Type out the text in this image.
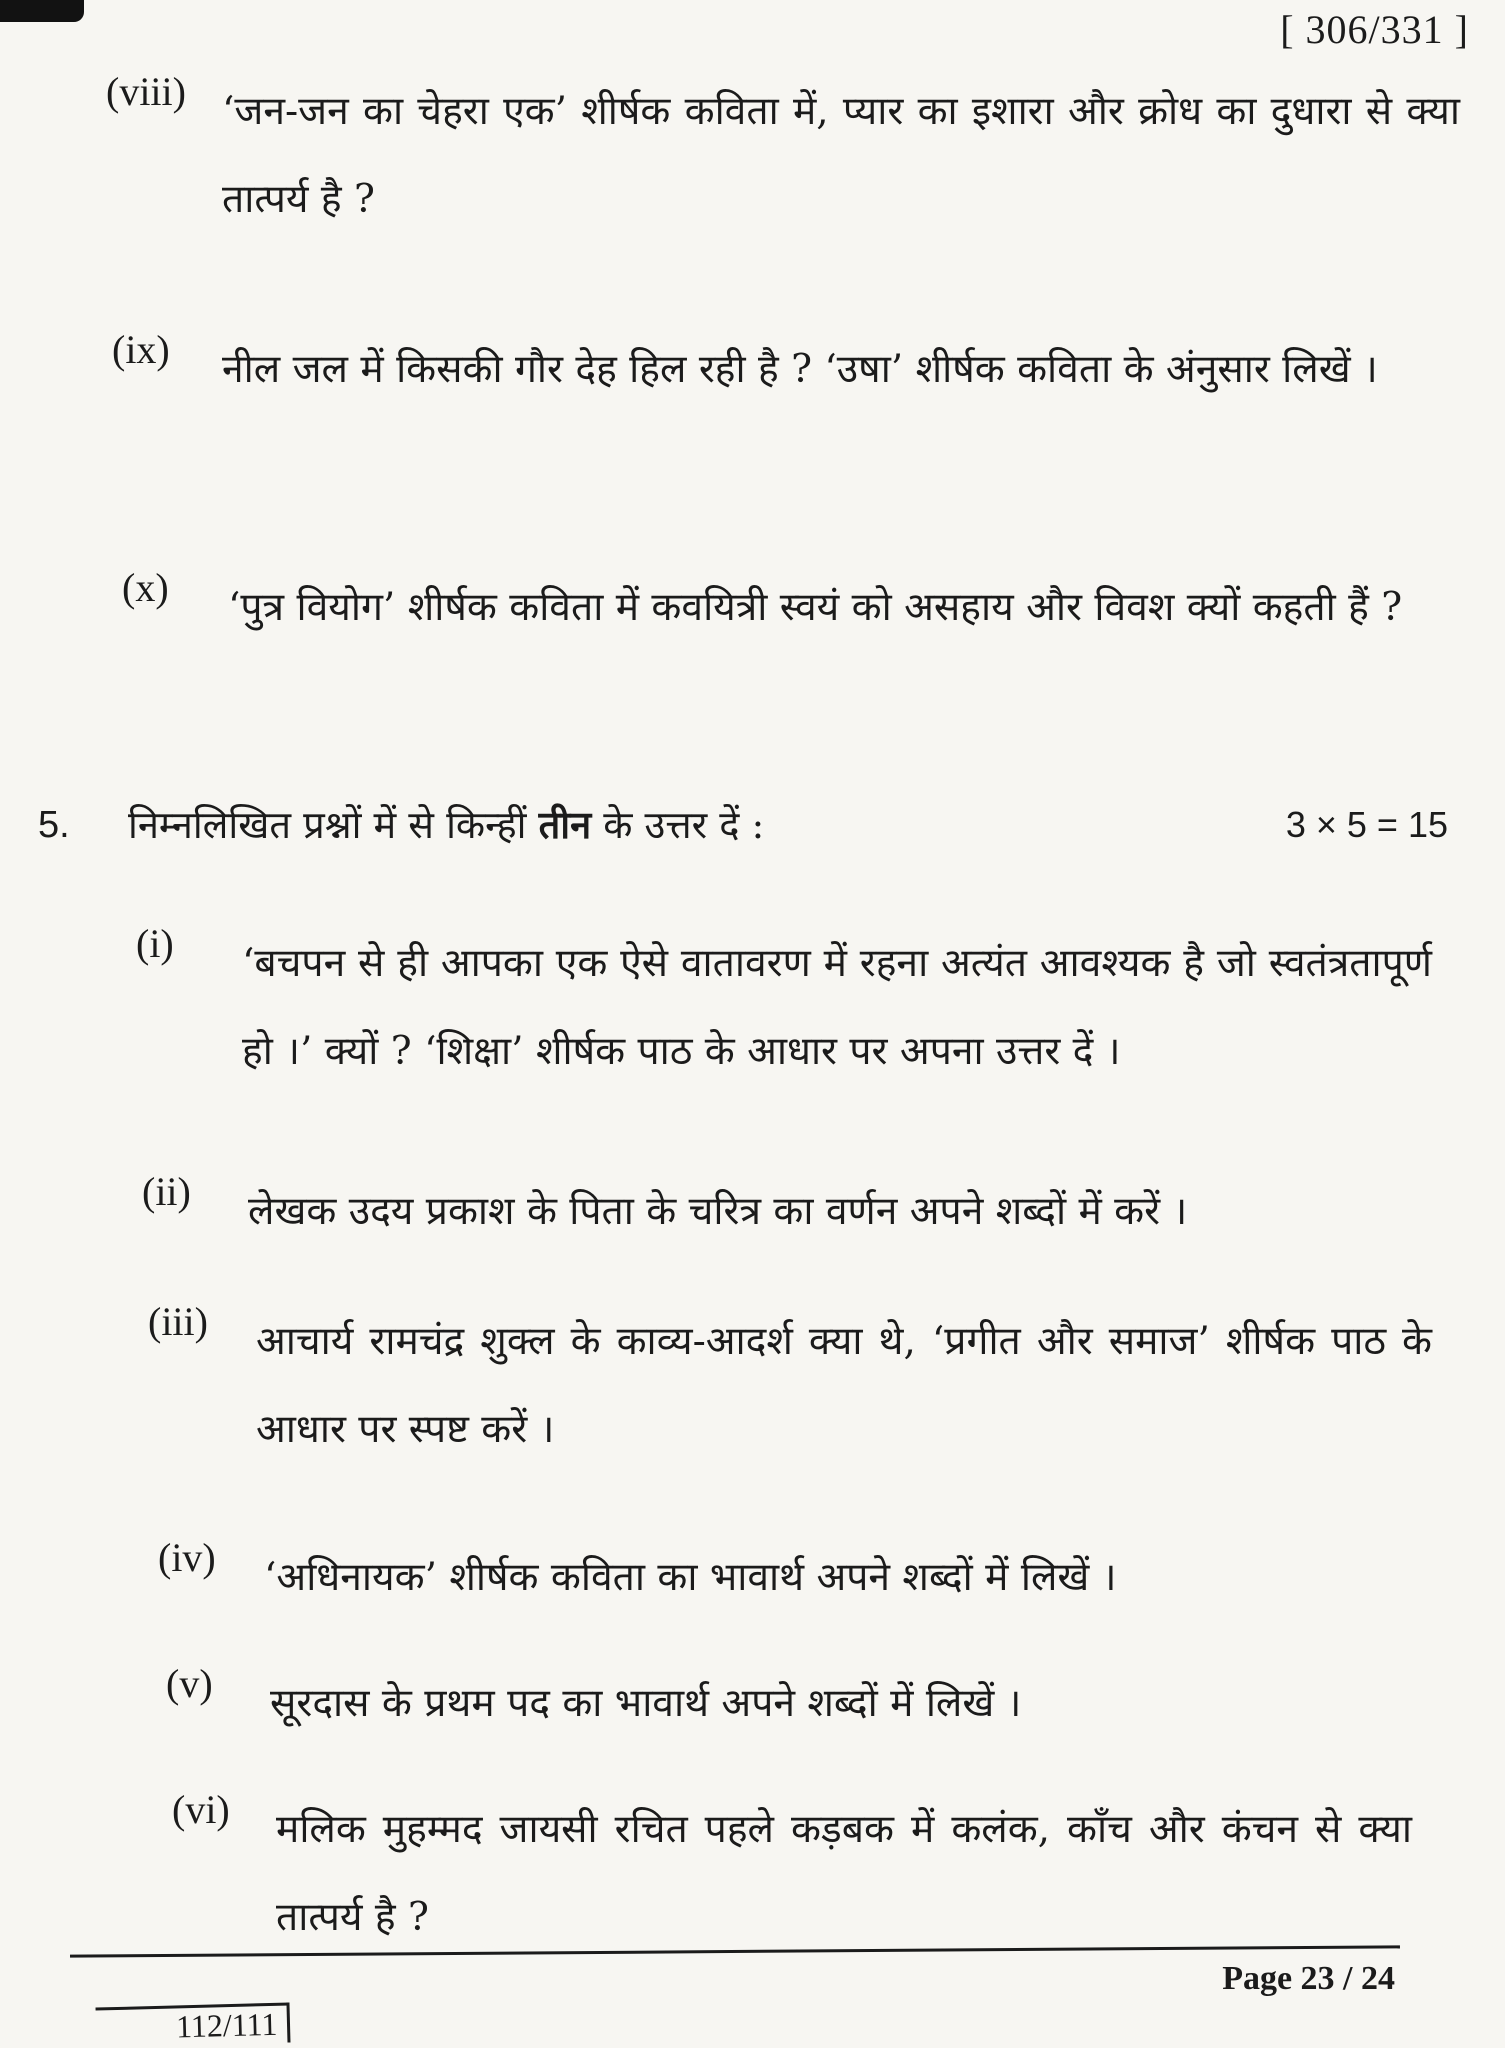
[ 306/331 ]
(viii) ‘जन-जन का चेहरा एक’ शीर्षक कविता में, प्यार का इशारा और क्रोध का दुधारा से क्या तात्पर्य है ?
(ix) नील जल में किसकी गौर देह हिल रही है ? ‘उषा’ शीर्षक कविता के अंनुसार लिखें ।
(x) ‘पुत्र वियोग’ शीर्षक कविता में कवयित्री स्वयं को असहाय और विवश क्यों कहती हैं ?
5. निम्नलिखित प्रश्नों में से किन्हीं तीन के उत्तर दें :	3 × 5 = 15
(i) ‘बचपन से ही आपका एक ऐसे वातावरण में रहना अत्यंत आवश्यक है जो स्वतंत्रतापूर्ण हो ।’ क्यों ? ‘शिक्षा’ शीर्षक पाठ के आधार पर अपना उत्तर दें ।
(ii) लेखक उदय प्रकाश के पिता के चरित्र का वर्णन अपने शब्दों में करें ।
(iii) आचार्य रामचंद्र शुक्ल के काव्य-आदर्श क्या थे, ‘प्रगीत और समाज’ शीर्षक पाठ के आधार पर स्पष्ट करें ।
(iv) ‘अधिनायक’ शीर्षक कविता का भावार्थ अपने शब्दों में लिखें ।
(v) सूरदास के प्रथम पद का भावार्थ अपने शब्दों में लिखें ।
(vi) मलिक मुहम्मद जायसी रचित पहले कड़बक में कलंक, काँच और कंचन से क्या तात्पर्य है ?
Page 23 / 24
112/111
